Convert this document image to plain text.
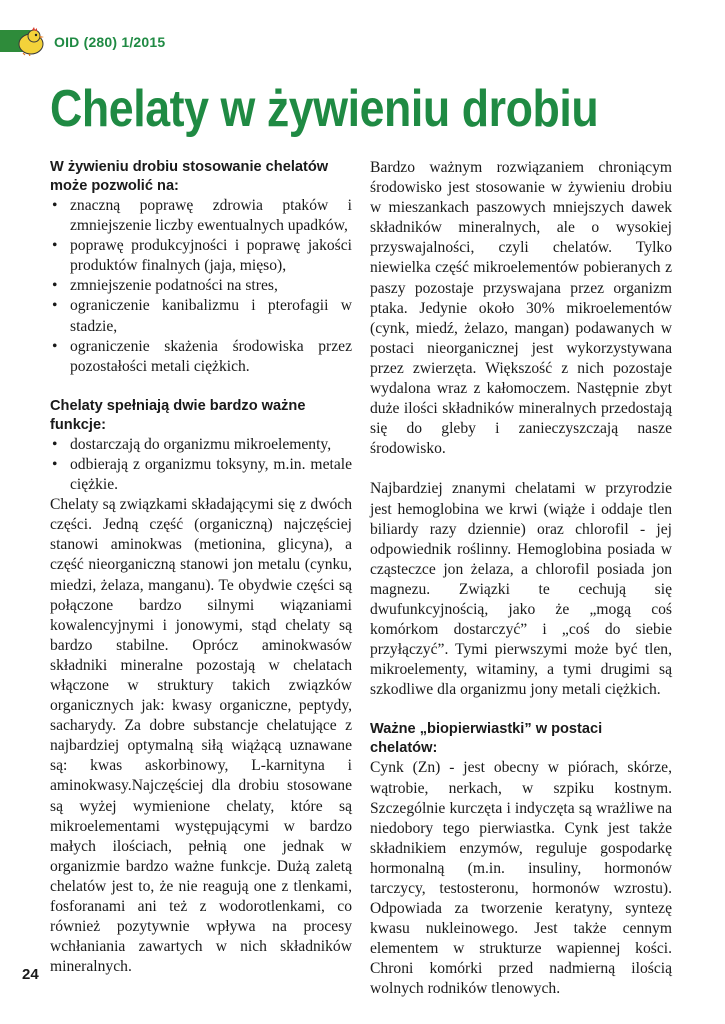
OID (280) 1/2015
Chelaty w żywieniu drobiu

W żywieniu drobiu stosowanie chelatów może pozwolić na:

• znaczną poprawę zdrowia ptaków i zmniejszenie liczby ewentualnych upadków,
• poprawę produkcyjności i poprawę jakości produktów finalnych (jaja, mięso),
• zmniejszenie podatności na stres,
• ograniczenie kanibalizmu i pterofagii w stadzie,
• ograniczenie skażenia środowiska przez pozostałości metali ciężkich.

Chelaty spełniają dwie bardzo ważne funkcje:

• dostarczają do organizmu mikroelementy,
• odbierają z organizmu toksyny, m.in. metale ciężkie.

Chelaty są związkami składającymi się z dwóch części. Jedną część (organiczną) najczęściej stanowi aminokwas (metionina, glicyna), a część nieorganiczną stanowi jon metalu (cynku, miedzi, żelaza, manganu). Te obydwie części są połączone bardzo silnymi wiązaniami kowalencyjnymi i jonowymi, stąd chelaty są bardzo stabilne. Oprócz aminokwasów składniki mineralne pozostają w chelatach włączone w struktury takich związków organicznych jak: kwasy organiczne, peptydy, sacharydy. Za dobre substancje chelatujące z najbardziej optymalną siłą wiążącą uznawane są: kwas askorbinowy, L-karnityna i aminokwasy.Najczęściej dla drobiu stosowane są wyżej wymienione chelaty, które są mikroelementami występującymi w bardzo małych ilościach, pełnią one jednak w organizmie bardzo ważne funkcje. Dużą zaletą chelatów jest to, że nie reagują one z tlenkami, fosforanami ani też z wodorotlenkami, co również pozytywnie wpływa na procesy wchłaniania zawartych w nich składników mineralnych.

Bardzo ważnym rozwiązaniem chroniącym środowisko jest stosowanie w żywieniu drobiu w mieszankach paszowych mniejszych dawek składników mineralnych, ale o wysokiej przyswajalności, czyli chelatów. Tylko niewielka część mikroelementów pobieranych z paszy pozostaje przyswajana przez organizm ptaka. Jedynie około 30% mikroelementów (cynk, miedź, żelazo, mangan) podawanych w postaci nieorganicznej jest wykorzystywana przez zwierzęta. Większość z nich pozostaje wydalona wraz z kałomoczem. Następnie zbyt duże ilości składników mineralnych przedostają się do gleby i zanieczyszczają nasze środowisko.

Najbardziej znanymi chelatami w przyrodzie jest hemoglobina we krwi (wiąże i oddaje tlen biliardy razy dziennie) oraz chlorofil - jej odpowiednik roślinny. Hemoglobina posiada w cząsteczce jon żelaza, a chlorofil posiada jon magnezu. Związki te cechują się dwufunkcyjnością, jako że „mogą coś komórkom dostarczyć” i „coś do siebie przyłączyć”. Tymi pierwszymi może być tlen, mikroelementy, witaminy, a tymi drugimi są szkodliwe dla organizmu jony metali ciężkich.

Ważne „biopierwiastki” w postaci chelatów:

Cynk (Zn) - jest obecny w piórach, skórze, wątrobie, nerkach, w szpiku kostnym. Szczególnie kurczęta i indyczęta są wrażliwe na niedobory tego pierwiastka. Cynk jest także składnikiem enzymów, reguluje gospodarkę hormonalną (m.in. insuliny, hormonów tarczycy, testosteronu, hormonów wzrostu). Odpowiada za tworzenie keratyny, syntezę kwasu nukleinowego. Jest także cennym elementem w strukturze wapiennej kości. Chroni komórki przed nadmierną ilością wolnych rodników tlenowych.

24
